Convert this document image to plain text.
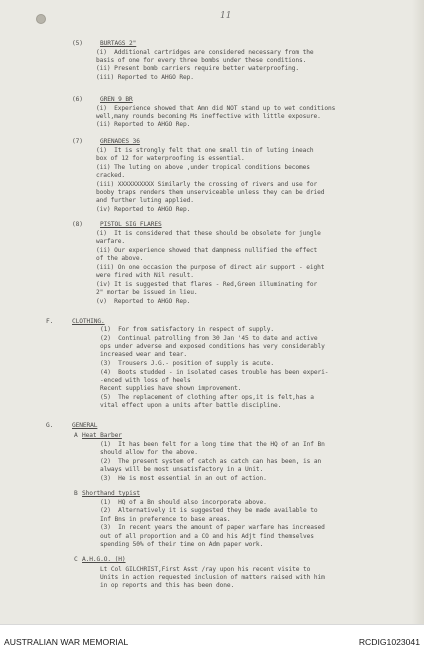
11
(5)	BURTAGS 2"
(i)  Additional cartridges are considered necessary from the
basis of one for every three bombs under these conditions.
(ii) Present bomb carriers require better waterproofing.
(iii) Reported to AHGO Rep.
(6)	GREN 9 BR
(i)  Experience showed that Amn did NOT stand up to wet conditions
well,many rounds becoming Ms ineffective with little exposure.
(ii) Reported to AHGO Rep.
(7)	GRENADES 36
(i)  It is strongly felt that one small tin of luting ineach
box of 12 for waterproofing is essential.
(ii) The luting on above ,under tropical conditions becomes
cracked.
(iii) XXXXXXXXXX Similarly the crossing of rivers and use for
booby traps renders them unserviceable unless they can be dried
and further luting applied.
(iv) Reported to AHGO Rep.
(8)	PISTOL SIG FLARES
(i)  It is considered that these should be obsolete for jungle
warfare.
(ii) Our experience showed that dampness nullified the effect
of the above.
(iii) On one occasion the purpose of direct air support - eight
were fired with Nil result.
(iv) It is suggested that flares - Red,Green illuminating for
2" mortar be issued in lieu.
(v)  Reported to AHGO Rep.
F.	CLOTHING.
(1)  For from satisfactory in respect of supply.
(2)  Continual patrolling from 30 Jan '45 to date and active
ops under adverse and exposed conditions has very considerably
increased wear and tear.
(3)  Trousers J.G.- position of supply is acute.
(4)  Boots studded - in isolated cases trouble has been experi-
-enced with loss of heels
Recent supplies have shown improvement.
(5)  The replacement of clothing after ops,it is felt,has a
vital effect upon a units after battle discipline.
G.	GENERAL
A Heat Barber
(1)  It has been felt for a long time that the HQ of an Inf Bn
should allow for the above.
(2)  The present system of catch as catch can has been, is an
always will be most unsatisfactory in a Unit.
(3)  He is most essential in an out of action.
B Shorthand typist
(1)  HQ of a Bn should also incorporate above.
(2)  Alternatively it is suggested they be made available to
Inf Bns in preference to base areas.
(3)  In recent years the amount of paper warfare has increased
out of all proportion and a CO and his Adjt find themselves
spending 50% of their time on Adm paper work.
C A.H.G.O. (H)
Lt Col GILCHRIST,First Asst /ray upon his recent visite to
Units in action requested inclusion of matters raised with him
in op reports and this has been done.
AUSTRALIAN WAR MEMORIAL	RCDIG1023041
